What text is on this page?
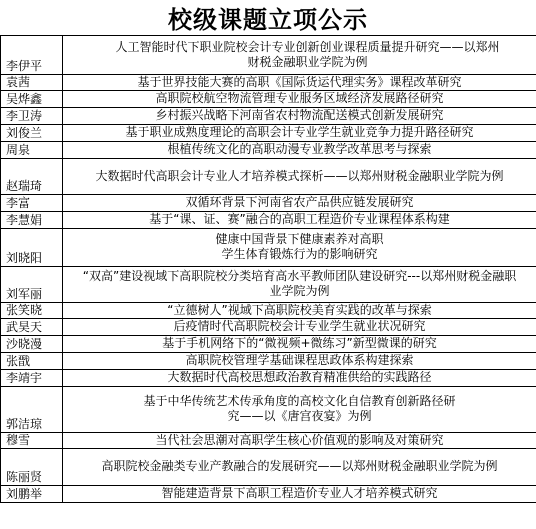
校级课题立项公示
李伊平	人工智能时代下职业院校会计专业创新创业课程质量提升研究——以郑州财税金融职业学院为例
袁茜	基于世界技能大赛的高职《国际货运代理实务》课程改革研究
吴烨鑫	高职院校航空物流管理专业服务区域经济发展路径研究
李卫涛	乡村振兴战略下河南省农村物流配送模式创新发展研究
刘俊兰	基于职业成熟度理论的高职会计专业学生就业竞争力提升路径研究
周泉	根植传统文化的高职动漫专业教学改革思考与探索
赵瑞琦	大数据时代高职会计专业人才培养模式探析——以郑州财税金融职业学院为例
李富	双循环背景下河南省农产品供应链发展研究
李慧娟	基于“课、证、赛”融合的高职工程造价专业课程体系构建
刘晓阳	健康中国背景下健康素养对高职学生体育锻炼行为的影响研究
刘军丽	“双高”建设视域下高职院校分类培育高水平教师团队建设研究---以郑州财税金融职业学院为例
张笑晓	“立德树人”视域下高职院校美育实践的改革与探索
武昊天	后疫情时代高职院校会计专业学生就业状况研究
沙晓漫	基于手机网络下的“微视频+微练习”新型微课的研究
张戬	高职院校管理学基础课程思政体系构建探索
李靖宇	大数据时代高校思想政治教育精准供给的实践路径
郭洁琼	基于中华传统艺术传承角度的高校文化自信教育创新路径研究——以《唐宫夜宴》为例
穆雪	当代社会思潮对高职学生核心价值观的影响及对策研究
陈丽贤	高职院校金融类专业产教融合的发展研究——以郑州财税金融职业学院为例
刘鹏举	智能建造背景下高职工程造价专业人才培养模式研究
